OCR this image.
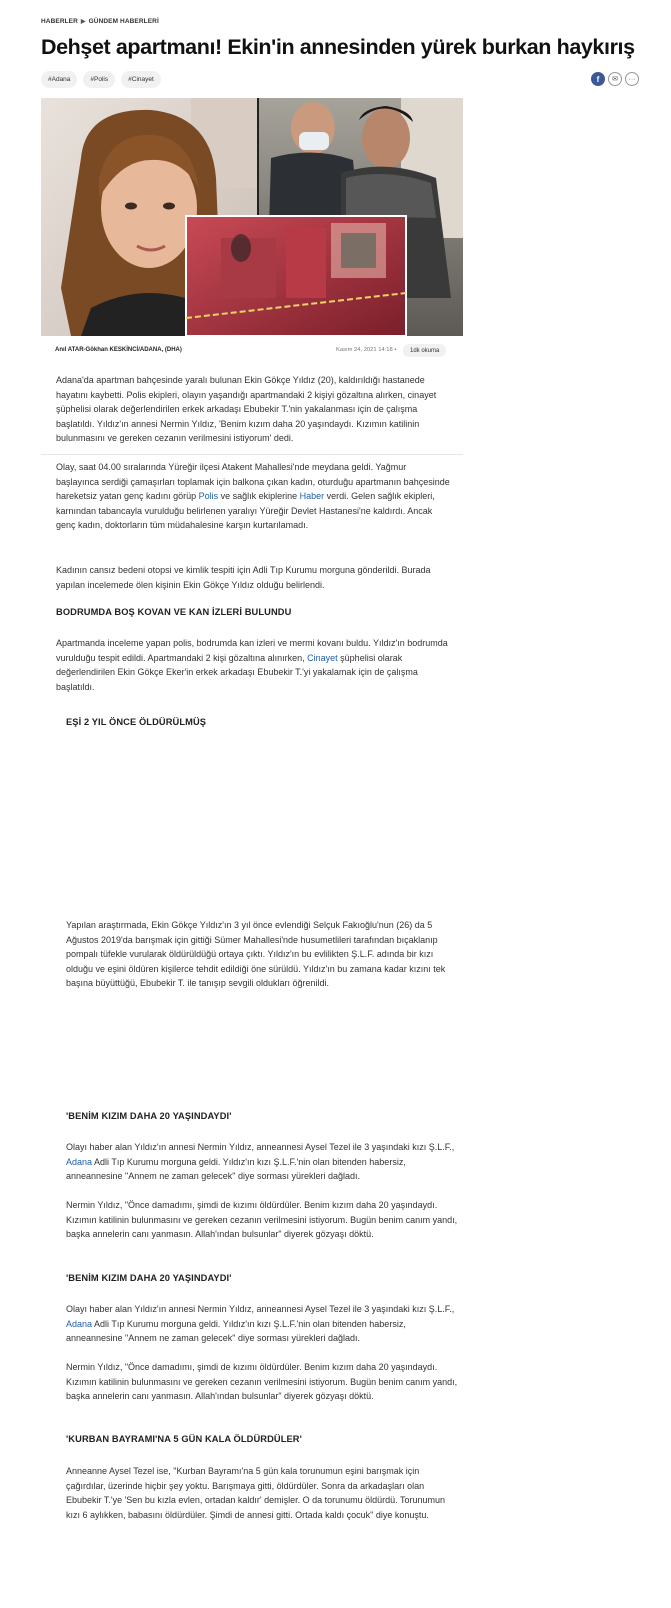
HABERLER ▶ GÜNDEM HABERLERİ
Dehşet apartmanı! Ekin'in annesinden yürek burkan haykırış
#Adana	#Polis	#Cinayet	f	✉	···
Anıl ATAR-Gökhan KESKİNCİ/ADANA, (DHA)	Kasım 24, 2021 14:18 •	1dk okuma

Adana'da apartman bahçesinde yaralı bulunan Ekin Gökçe Yıldız (20), kaldırıldığı hastanede hayatını kaybetti. Polis ekipleri, olayın yaşandığı apartmandaki 2 kişiyi gözaltına alırken, cinayet şüphelisi olarak değerlendirilen erkek arkadaşı Ebubekir T.'nin yakalanması için de çalışma başlatıldı. Yıldız'ın annesi Nermin Yıldız, 'Benim kızım daha 20 yaşındaydı. Kızımın katilinin bulunmasını ve gereken cezanın verilmesini istiyorum' dedi.

Olay, saat 04.00 sıralarında Yüreğir ilçesi Atakent Mahallesi'nde meydana geldi. Yağmur başlayınca serdiği çamaşırları toplamak için balkona çıkan kadın, oturduğu apartmanın bahçesinde hareketsiz yatan genç kadını görüp Polis ve sağlık ekiplerine Haber verdi. Gelen sağlık ekipleri, karnından tabancayla vurulduğu belirlenen yaralıyı Yüreğir Devlet Hastanesi'ne kaldırdı. Ancak genç kadın, doktorların tüm müdahalesine karşın kurtarılamadı.

Kadının cansız bedeni otopsi ve kimlik tespiti için Adli Tıp Kurumu morguna gönderildi. Burada yapılan incelemede ölen kişinin Ekin Gökçe Yıldız olduğu belirlendi.

BODRUMDA BOŞ KOVAN VE KAN İZLERİ BULUNDU

Apartmanda inceleme yapan polis, bodrumda kan izleri ve mermi kovanı buldu. Yıldız'ın bodrumda vurulduğu tespit edildi. Apartmandaki 2 kişi gözaltına alınırken, Cinayet şüphelisi olarak değerlendirilen Ekin Gökçe Eker'in erkek arkadaşı Ebubekir T.'yi yakalamak için de çalışma başlatıldı.

EŞİ 2 YIL ÖNCE ÖLDÜRÜLMÜŞ

Yapılan araştırmada, Ekin Gökçe Yıldız'ın 3 yıl önce evlendiği Selçuk Fakıoğlu'nun (26) da 5 Ağustos 2019'da barışmak için gittiği Sümer Mahallesi'nde husumetlileri tarafından bıçaklanıp pompalı tüfekle vurularak öldürüldüğü ortaya çıktı. Yıldız'ın bu evlilikten Ş.L.F. adında bir kızı olduğu ve eşini öldüren kişilerce tehdit edildiği öne sürüldü. Yıldız'ın bu zamana kadar kızını tek başına büyüttüğü, Ebubekir T. ile tanışıp sevgili oldukları öğrenildi.

'BENİM KIZIM DAHA 20 YAŞINDAYDI'

Olayı haber alan Yıldız'ın annesi Nermin Yıldız, anneannesi Aysel Tezel ile 3 yaşındaki kızı Ş.L.F., Adana Adli Tıp Kurumu morguna geldi. Yıldız'ın kızı Ş.L.F.'nin olan bitenden habersiz, anneannesine "Annem ne zaman gelecek" diye sorması yürekleri dağladı.

Nermin Yıldız, "Önce damadımı, şimdi de kızımı öldürdüler. Benim kızım daha 20 yaşındaydı. Kızımın katilinin bulunmasını ve gereken cezanın verilmesini istiyorum. Bugün benim canım yandı, başka annelerin canı yanmasın. Allah'ından bulsunlar" diyerek gözyaşı döktü.

'BENİM KIZIM DAHA 20 YAŞINDAYDI'

Olayı haber alan Yıldız'ın annesi Nermin Yıldız, anneannesi Aysel Tezel ile 3 yaşındaki kızı Ş.L.F., Adana Adli Tıp Kurumu morguna geldi. Yıldız'ın kızı Ş.L.F.'nin olan bitenden habersiz, anneannesine "Annem ne zaman gelecek" diye sorması yürekleri dağladı.

Nermin Yıldız, "Önce damadımı, şimdi de kızımı öldürdüler. Benim kızım daha 20 yaşındaydı. Kızımın katilinin bulunmasını ve gereken cezanın verilmesini istiyorum. Bugün benim canım yandı, başka annelerin canı yanmasın. Allah'ından bulsunlar" diyerek gözyaşı döktü.

'KURBAN BAYRAMI'NA 5 GÜN KALA ÖLDÜRDÜLER'

Anneanne Aysel Tezel ise, "Kurban Bayramı'na 5 gün kala torunumun eşini barışmak için çağırdılar, üzerinde hiçbir şey yoktu. Barışmaya gitti, öldürdüler. Sonra da arkadaşları olan Ebubekir T.'ye 'Sen bu kızla evlen, ortadan kaldır' demişler. O da torunumu öldürdü. Torunumun kızı 6 aylıkken, babasını öldürdüler. Şimdi de annesi gitti. Ortada kaldı çocuk" diye konuştu.
